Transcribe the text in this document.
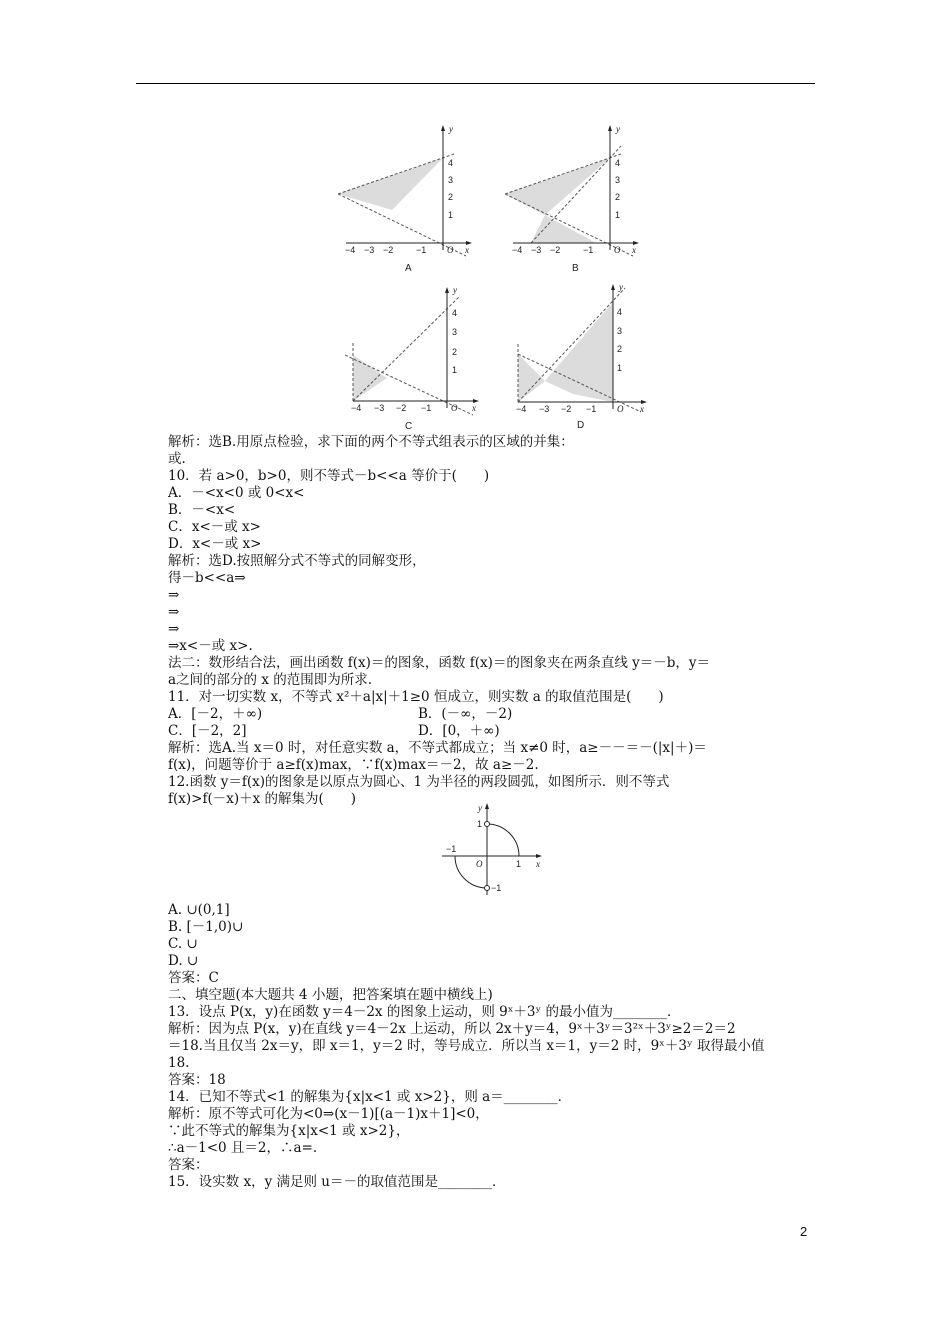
y
x
O
4
3
2
1
−4 −3 −2	−1
A
y
x
O
4
3
2
1
−4 −3 −2	−1
B
y
x
O
4
3
2
1
−4 −3 −2 −1
C
y
x
O
4
3
2
1
−4 −3 −2 −1
D
解析：选B.用原点检验，求下面的两个不等式组表示的区域的并集：
或.
10．若 a>0，b>0，则不等式－b<<a 等价于(　　)
A．－<x<0 或 0<x<
B．－<x<
C．x<－或 x>
D．x<－或 x>
解析：选D.按照解分式不等式的同解变形，
得－b<<a⇒
⇒
⇒
⇒
⇒x<－或 x>.
法二：数形结合法，画出函数 f(x)＝的图象，函数 f(x)＝的图象夹在两条直线 y＝－b，y＝
a之间的部分的 x 的范围即为所求.
11．对一切实数 x，不等式 x²＋a|x|＋1≥0 恒成立，则实数 a 的取值范围是(　　)
A．[－2，＋∞)	B．(－∞，－2)
C．[－2，2]	D．[0，＋∞)
解析：选A.当 x＝0 时，对任意实数 a，不等式都成立；当 x≠0 时，a≥－－＝－(|x|＋)＝
f(x)，问题等价于 a≥f(x)max，∵f(x)max＝－2，故 a≥－2.
12.函数 y＝f(x)的图象是以原点为圆心、1 为半径的两段圆弧，如图所示．则不等式
f(x)>f(－x)＋x 的解集为(　　)
y
x
O
−1
1
1
−1
A. ∪(0,1]
B. [－1,0)∪
C. ∪
D. ∪
答案：C
二、填空题(本大题共 4 小题，把答案填在题中横线上)
13．设点 P(x，y)在函数 y＝4－2x 的图象上运动，则 9ˣ＋3ʸ 的最小值为________．
解析：因为点 P(x，y)在直线 y＝4－2x 上运动，所以 2x＋y＝4，9ˣ＋3ʸ＝3²ˣ＋3ʸ≥2＝2＝2
＝18.当且仅当 2x＝y，即 x＝1，y＝2 时，等号成立．所以当 x＝1，y＝2 时，9ˣ＋3ʸ 取得最小值
18.
答案：18
14．已知不等式<1 的解集为{x|x<1 或 x>2}，则 a＝________．
解析：原不等式可化为<0⇒(x－1)[(a－1)x＋1]<0，
∵此不等式的解集为{x|x<1 或 x>2}，
∴a－1<0 且＝2，∴a=.
答案：
15．设实数 x，y 满足则 u＝－的取值范围是________．
2
